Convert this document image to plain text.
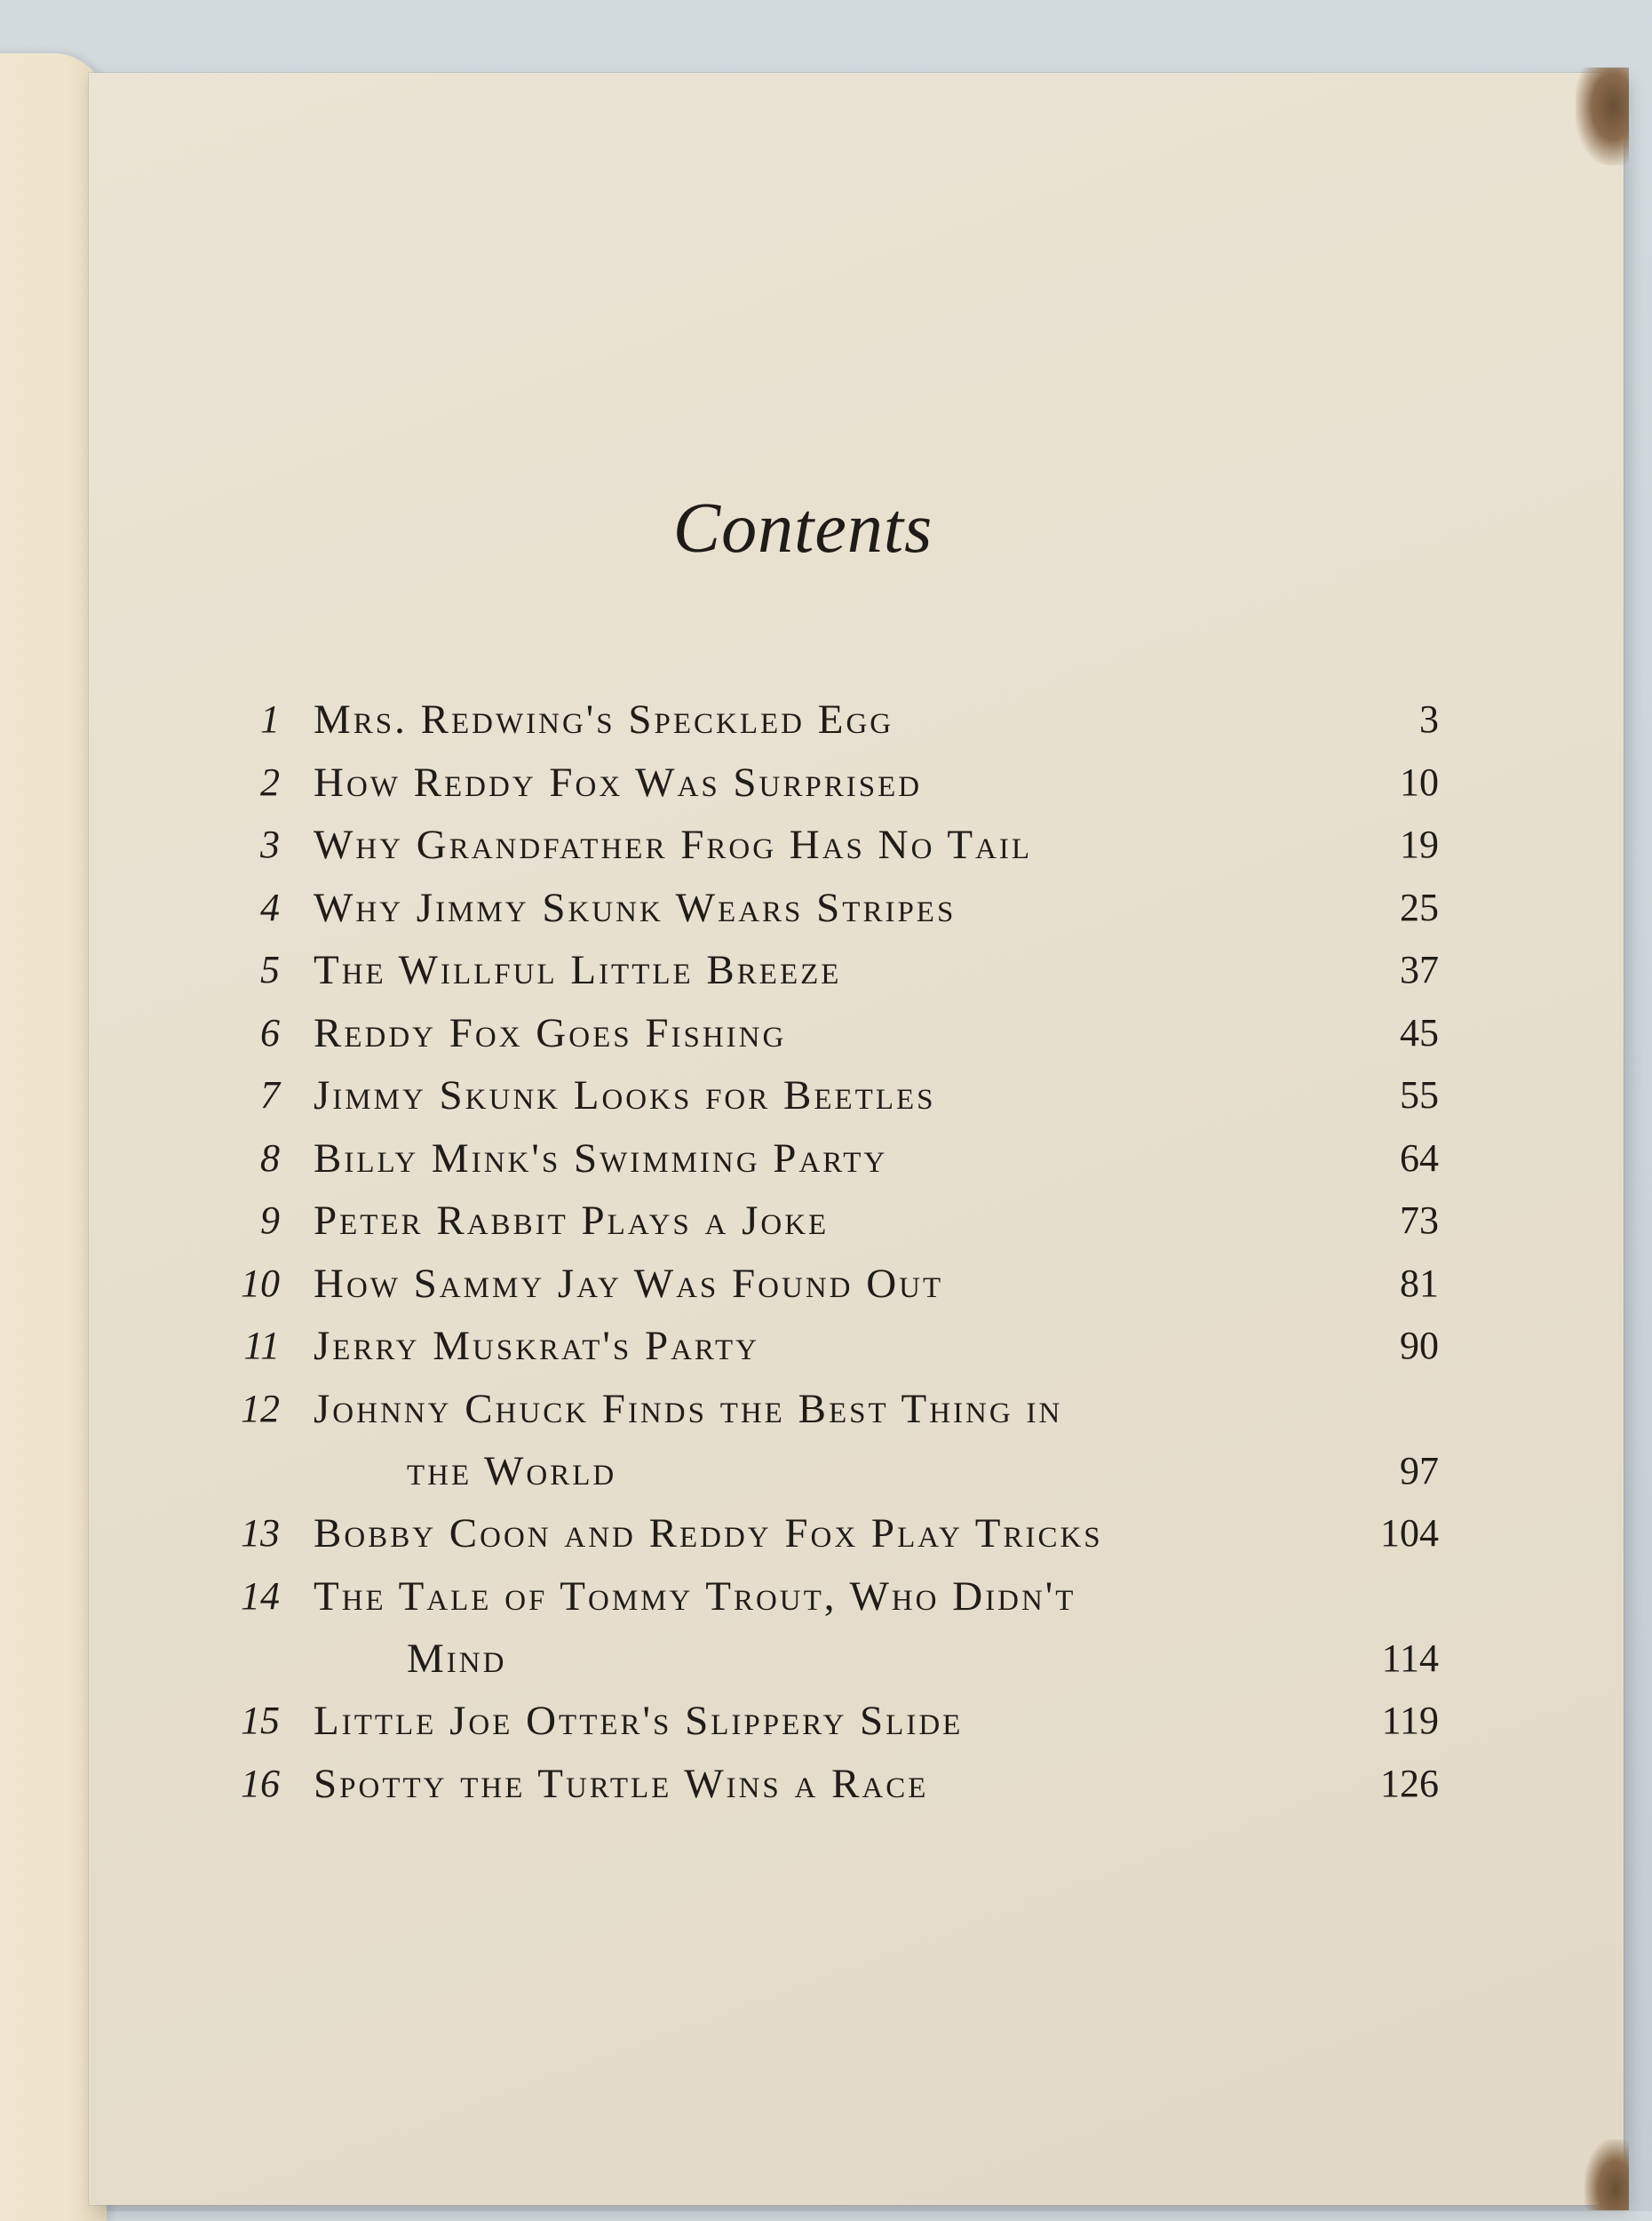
Contents
1 Mrs. Redwing's Speckled Egg	3
2 How Reddy Fox Was Surprised	10
3 Why Grandfather Frog Has No Tail	19
4 Why Jimmy Skunk Wears Stripes	25
5 The Willful Little Breeze	37
6 Reddy Fox Goes Fishing	45
7 Jimmy Skunk Looks for Beetles	55
8 Billy Mink's Swimming Party	64
9 Peter Rabbit Plays a Joke	73
10 How Sammy Jay Was Found Out	81
11 Jerry Muskrat's Party	90
12 Johnny Chuck Finds the Best Thing in
the World	97
13 Bobby Coon and Reddy Fox Play Tricks	104
14 The Tale of Tommy Trout, Who Didn't
Mind	114
15 Little Joe Otter's Slippery Slide	119
16 Spotty the Turtle Wins a Race	126
